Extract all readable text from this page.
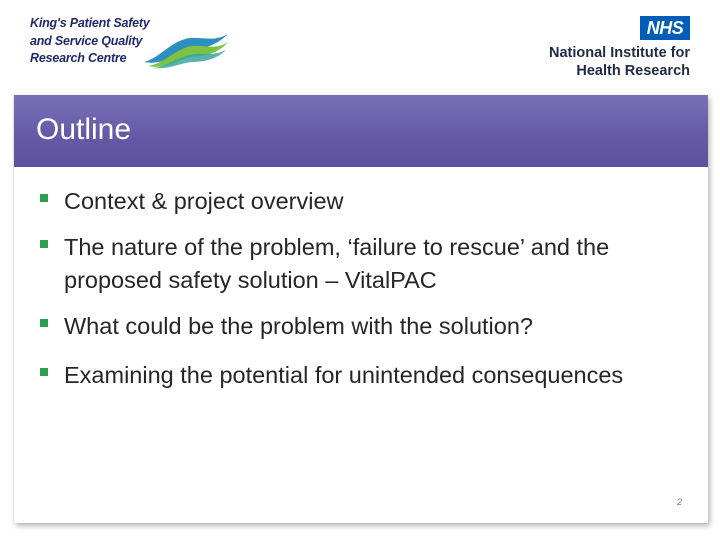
King's Patient Safety
and Service Quality
Research Centre
NHS
National Institute for
Health Research
Outline
Context & project overview
The nature of the problem, ‘failure to rescue’ and the proposed safety solution – VitalPAC
What could be the problem with the solution?
Examining the potential for unintended consequences
2
